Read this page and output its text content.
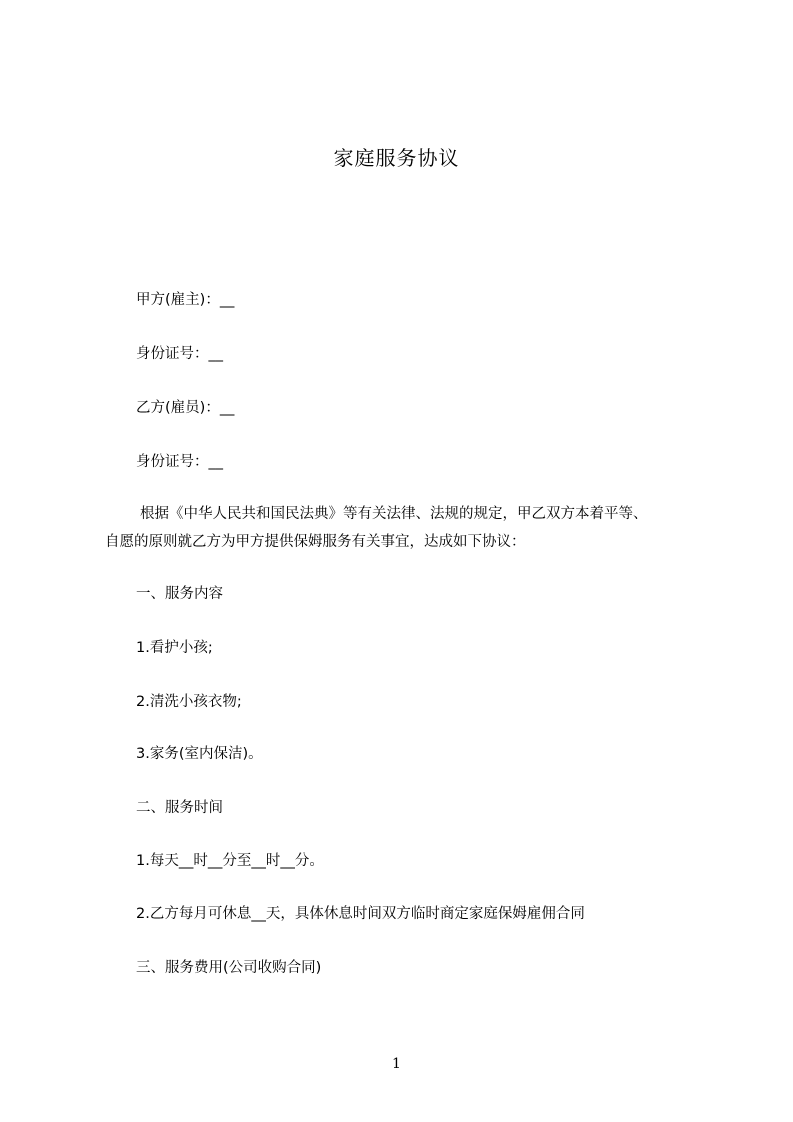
家庭服务协议
甲方(雇主)：__
身份证号：__
乙方(雇员)：__
身份证号：__
根据《中华人民共和国民法典》等有关法律、法规的规定，甲乙双方本着平等、
自愿的原则就乙方为甲方提供保姆服务有关事宜，达成如下协议：
一、服务内容
1.看护小孩;
2.清洗小孩衣物;
3.家务(室内保洁)。
二、服务时间
1.每天__时__分至__时__分。
2.乙方每月可休息__天，具体休息时间双方临时商定家庭保姆雇佣合同
三、服务费用(公司收购合同)
1
